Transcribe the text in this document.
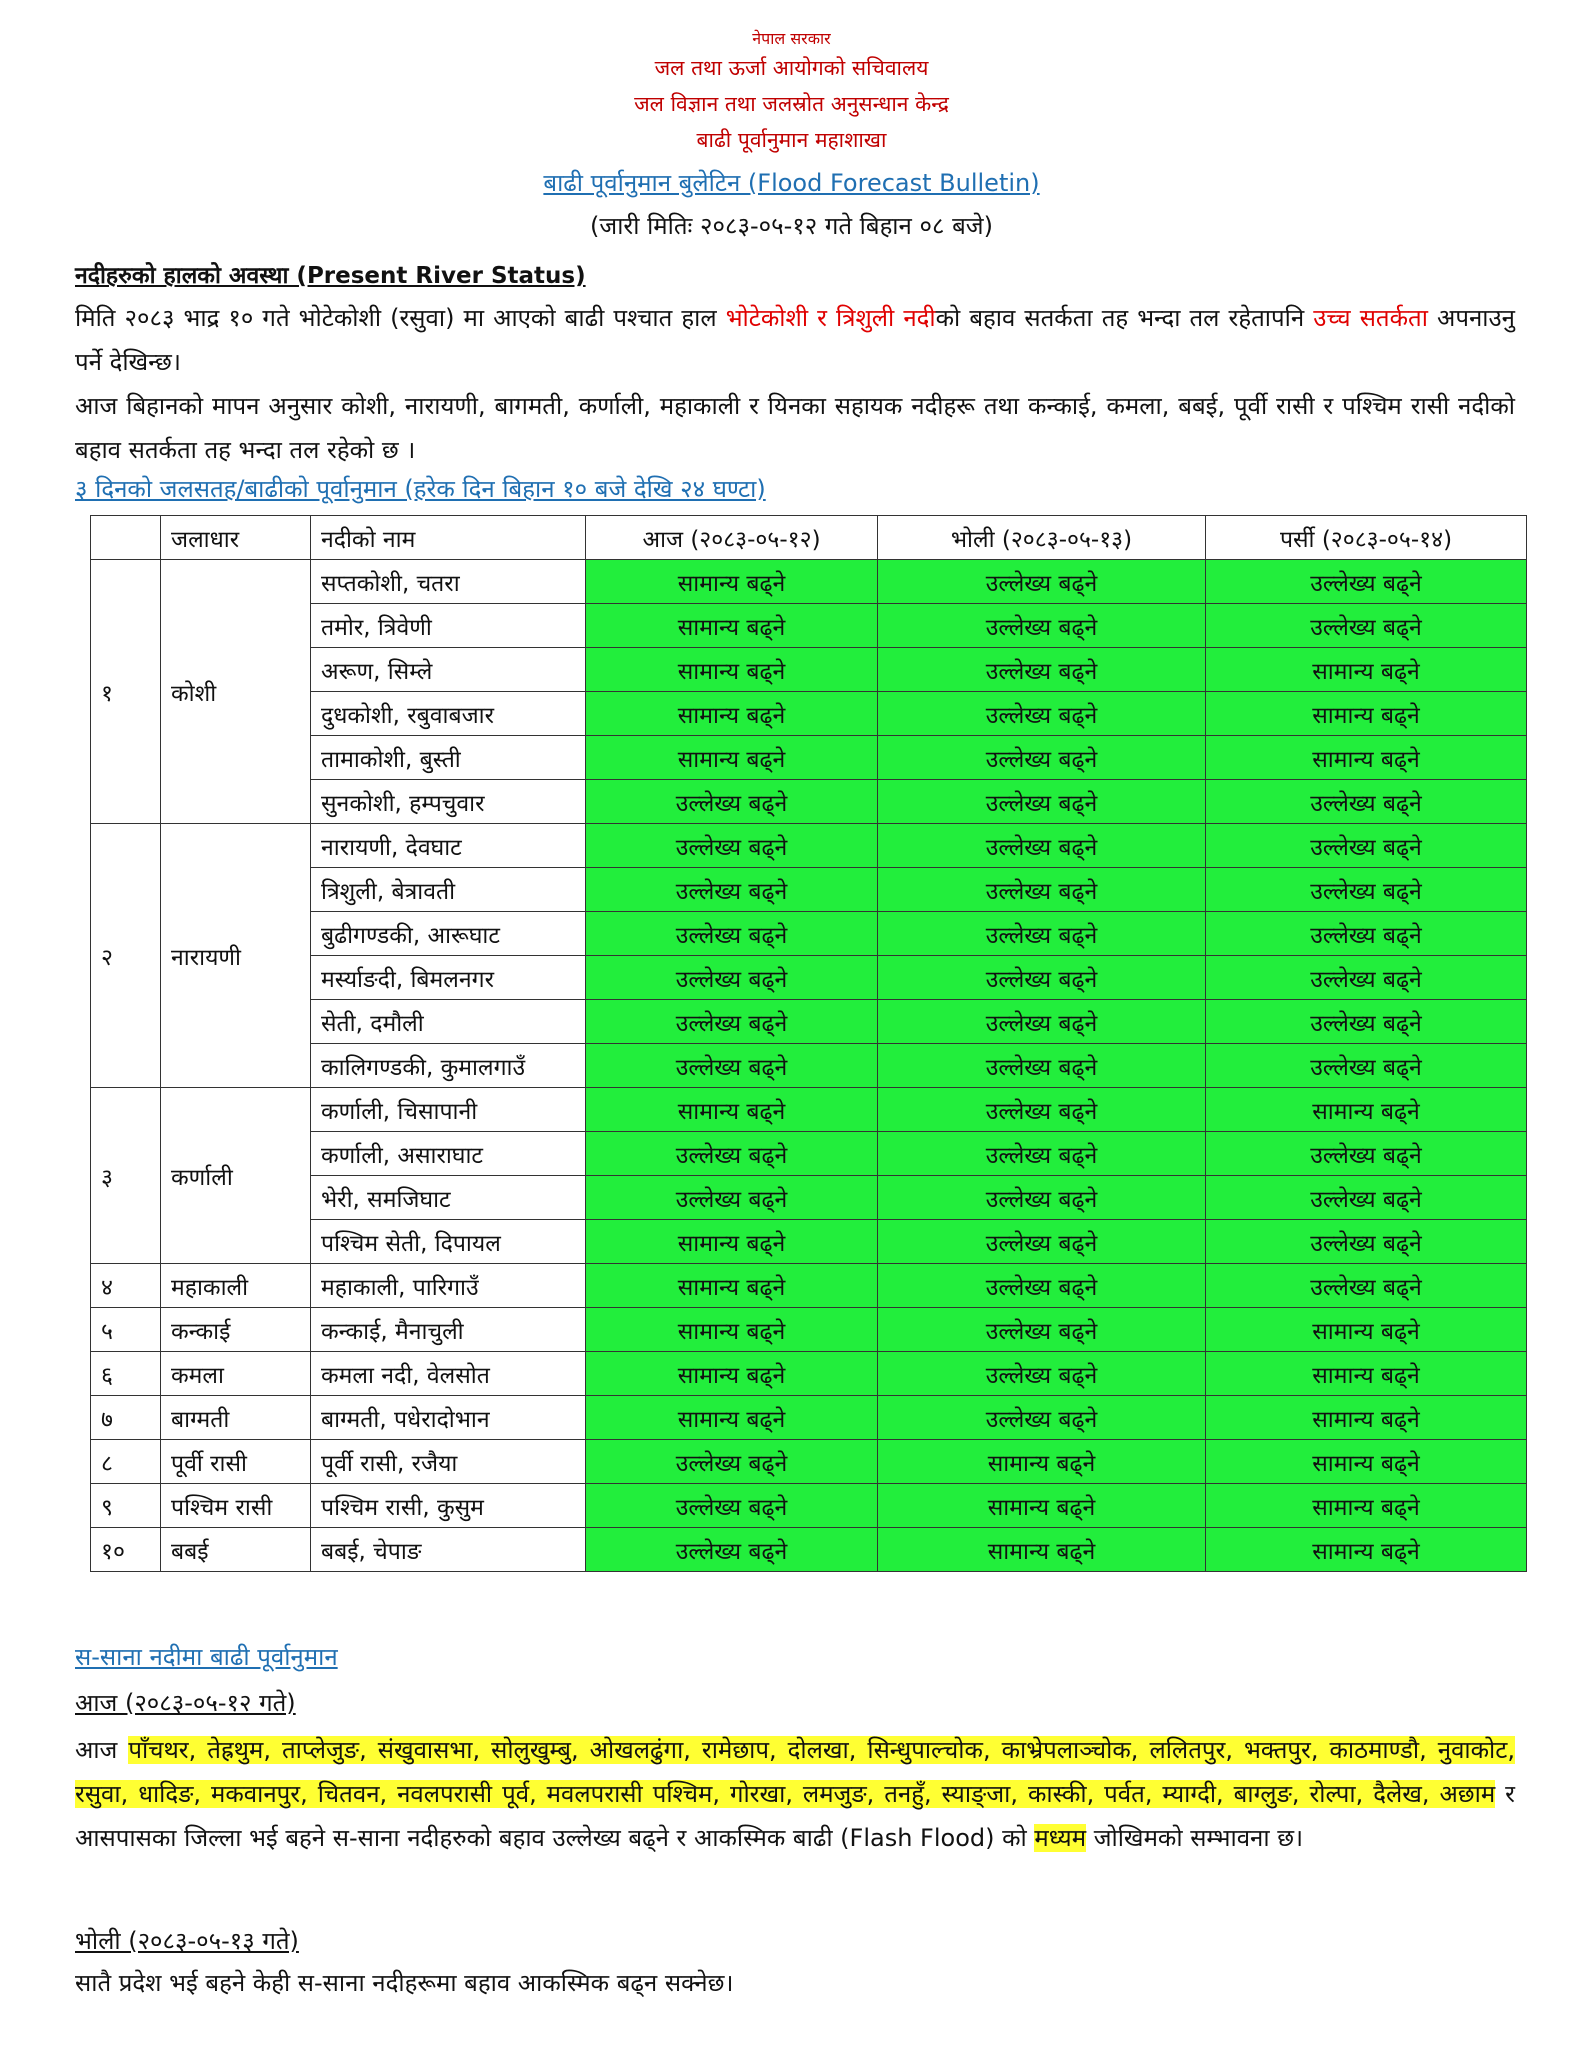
नेपाल सरकार
जल तथा ऊर्जा आयोगको सचिवालय
जल विज्ञान तथा जलस्रोत अनुसन्धान केन्द्र
बाढी पूर्वानुमान महाशाखा
बाढी पूर्वानुमान बुलेटिन (Flood Forecast Bulletin)
(जारी मितिः २०८३-०५-१२ गते बिहान ०८ बजे)
नदीहरुको हालको अवस्था (Present River Status)
मिति २०८३ भाद्र १० गते भोटेकोशी (रसुवा) मा आएको बाढी पश्चात हाल भोटेकोशी र त्रिशुली नदीको बहाव सतर्कता तह भन्दा तल रहेतापनि उच्च सतर्कता अपनाउनु पर्ने देखिन्छ।
आज बिहानको मापन अनुसार कोशी, नारायणी, बागमती, कर्णाली, महाकाली र यिनका सहायक नदीहरू तथा कन्काई, कमला, बबई, पूर्वी रासी र पश्चिम रासी नदीको बहाव सतर्कता तह भन्दा तल रहेको छ ।
३ दिनको जलसतह/बाढीको पूर्वानुमान (हरेक दिन बिहान १० बजे देखि २४ घण्टा)
	जलाधार	नदीको नाम	आज (२०८३-०५-१२)	भोली (२०८३-०५-१३)	पर्सी (२०८३-०५-१४)
१	कोशी	सप्तकोशी, चतरा	सामान्य बढ्ने	उल्लेख्य बढ्ने	उल्लेख्य बढ्ने
		तमोर, त्रिवेणी	सामान्य बढ्ने	उल्लेख्य बढ्ने	उल्लेख्य बढ्ने
		अरूण, सिम्ले	सामान्य बढ्ने	उल्लेख्य बढ्ने	सामान्य बढ्ने
		दुधकोशी, रबुवाबजार	सामान्य बढ्ने	उल्लेख्य बढ्ने	सामान्य बढ्ने
		तामाकोशी, बुस्ती	सामान्य बढ्ने	उल्लेख्य बढ्ने	सामान्य बढ्ने
		सुनकोशी, हम्पचुवार	उल्लेख्य बढ्ने	उल्लेख्य बढ्ने	उल्लेख्य बढ्ने
२	नारायणी	नारायणी, देवघाट	उल्लेख्य बढ्ने	उल्लेख्य बढ्ने	उल्लेख्य बढ्ने
		त्रिशुली, बेत्रावती	उल्लेख्य बढ्ने	उल्लेख्य बढ्ने	उल्लेख्य बढ्ने
		बुढीगण्डकी, आरूघाट	उल्लेख्य बढ्ने	उल्लेख्य बढ्ने	उल्लेख्य बढ्ने
		मर्स्याङदी, बिमलनगर	उल्लेख्य बढ्ने	उल्लेख्य बढ्ने	उल्लेख्य बढ्ने
		सेती, दमौली	उल्लेख्य बढ्ने	उल्लेख्य बढ्ने	उल्लेख्य बढ्ने
		कालिगण्डकी, कुमालगाउँ	उल्लेख्य बढ्ने	उल्लेख्य बढ्ने	उल्लेख्य बढ्ने
३	कर्णाली	कर्णाली, चिसापानी	सामान्य बढ्ने	उल्लेख्य बढ्ने	सामान्य बढ्ने
		कर्णाली, असाराघाट	उल्लेख्य बढ्ने	उल्लेख्य बढ्ने	उल्लेख्य बढ्ने
		भेरी, समजिघाट	उल्लेख्य बढ्ने	उल्लेख्य बढ्ने	उल्लेख्य बढ्ने
		पश्चिम सेती, दिपायल	सामान्य बढ्ने	उल्लेख्य बढ्ने	उल्लेख्य बढ्ने
४	महाकाली	महाकाली, पारिगाउँ	सामान्य बढ्ने	उल्लेख्य बढ्ने	उल्लेख्य बढ्ने
५	कन्काई	कन्काई, मैनाचुली	सामान्य बढ्ने	उल्लेख्य बढ्ने	सामान्य बढ्ने
६	कमला	कमला नदी, वेलसोत	सामान्य बढ्ने	उल्लेख्य बढ्ने	सामान्य बढ्ने
७	बाग्मती	बाग्मती, पधेरादोभान	सामान्य बढ्ने	उल्लेख्य बढ्ने	सामान्य बढ्ने
८	पूर्वी रासी	पूर्वी रासी, रजैया	उल्लेख्य बढ्ने	सामान्य बढ्ने	सामान्य बढ्ने
९	पश्चिम रासी	पश्चिम रासी, कुसुम	उल्लेख्य बढ्ने	सामान्य बढ्ने	सामान्य बढ्ने
१०	बबई	बबई, चेपाङ	उल्लेख्य बढ्ने	सामान्य बढ्ने	सामान्य बढ्ने
स-साना नदीमा बाढी पूर्वानुमान
आज (२०८३-०५-१२ गते)
आज पाँचथर, तेह्रथुम, ताप्लेजुङ, संखुवासभा, सोलुखुम्बु, ओखलढुंगा, रामेछाप, दोलखा, सिन्धुपाल्चोक, काभ्रेपलाञ्चोक, ललितपुर, भक्तपुर, काठमाण्डौ, नुवाकोट, रसुवा, धादिङ, मकवानपुर, चितवन, नवलपरासी पूर्व, मवलपरासी पश्चिम, गोरखा, लमजुङ, तनहुँ, स्याङ्जा, कास्की, पर्वत, म्याग्दी, बाग्लुङ, रोल्पा, दैलेख, अछाम र आसपासका जिल्ला भई बहने स-साना नदीहरुको बहाव उल्लेख्य बढ्ने र आकस्मिक बाढी (Flash Flood) को मध्यम जोखिमको सम्भावना छ।
भोली (२०८३-०५-१३ गते)
सातै प्रदेश भई बहने केही स-साना नदीहरूमा बहाव आकस्मिक बढ्न सक्नेछ।
